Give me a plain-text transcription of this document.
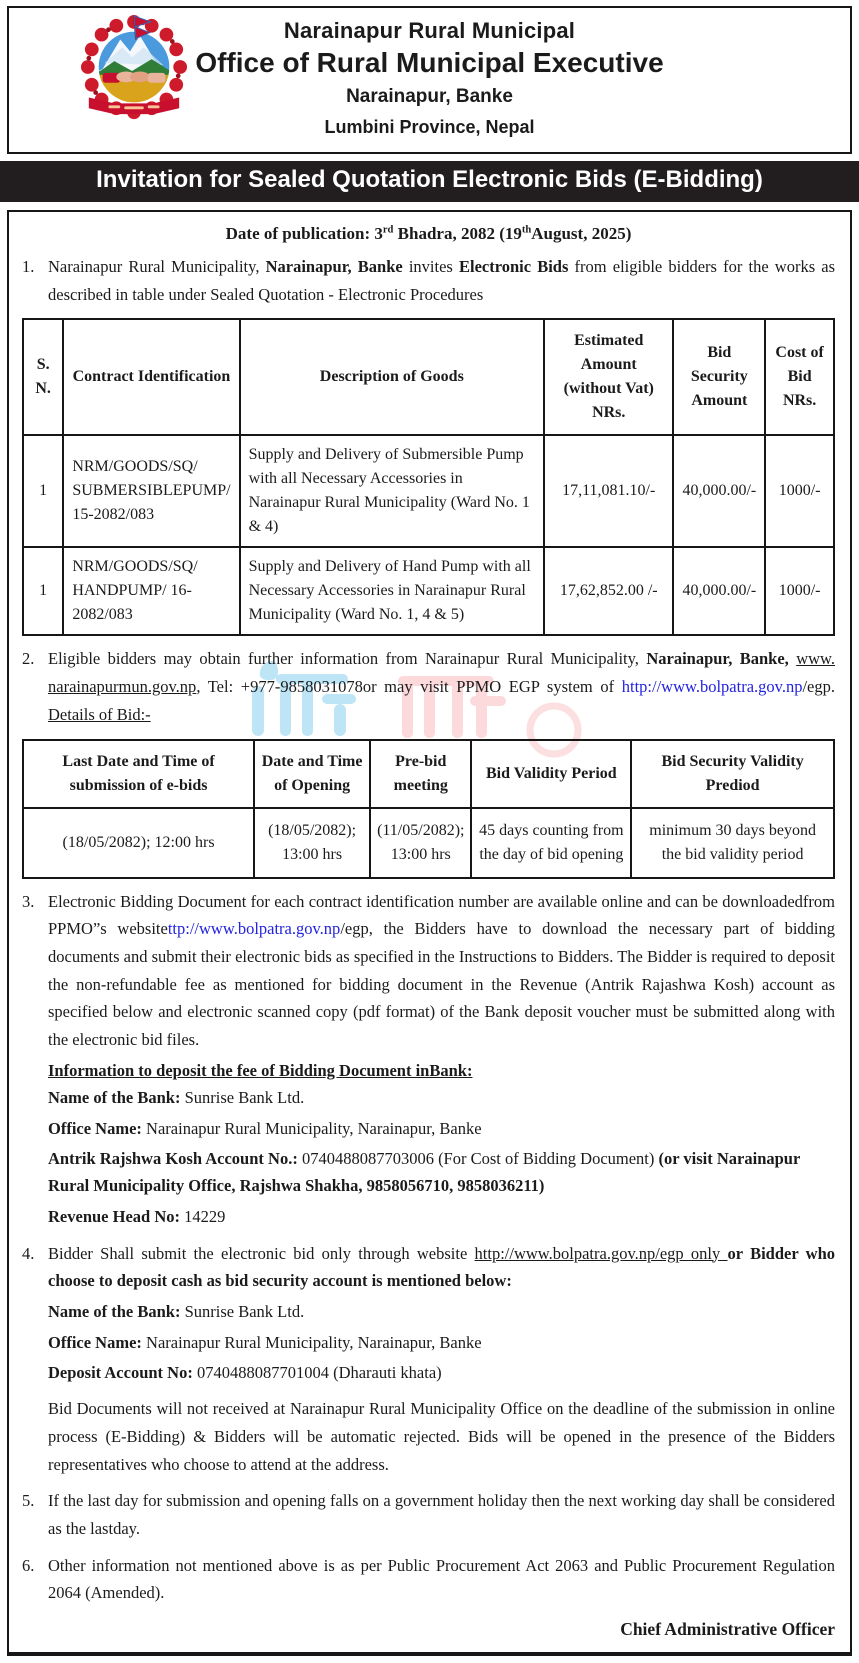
Narainapur Rural Municipal
Office of Rural Municipal Executive
Narainapur, Banke
Lumbini Province, Nepal
Invitation for Sealed Quotation Electronic Bids (E-Bidding)
Date of publication: 3rd Bhadra, 2082 (19thAugust, 2025)
1. Narainapur Rural Municipality, Narainapur, Banke invites Electronic Bids from eligible bidders for the works as described in table under Sealed Quotation - Electronic Procedures
S. N.	Contract Identification	Description of Goods	Estimated Amount (without Vat) NRs.	Bid Security Amount	Cost of Bid NRs.
1	NRM/GOODS/SQ/ SUBMERSIBLEPUMP/ 15-2082/083	Supply and Delivery of Submersible Pump with all Necessary Accessories in Narainapur Rural Municipality (Ward No. 1 & 4)	17,11,081.10/-	40,000.00/-	1000/-
1	NRM/GOODS/SQ/ HANDPUMP/ 16-2082/083	Supply and Delivery of Hand Pump with all Necessary Accessories in Narainapur Rural Municipality (Ward No. 1, 4 & 5)	17,62,852.00 /-	40,000.00/-	1000/-
2. Eligible bidders may obtain further information from Narainapur Rural Municipality, Narainapur, Banke, www. narainapurmun.gov.np, Tel: +977-9858031078or may visit PPMO EGP system of http://www.bolpatra.gov.np/egp. Details of Bid:-
Last Date and Time of submission of e-bids	Date and Time of Opening	Pre-bid meeting	Bid Validity Period	Bid Security Validity Prediod
(18/05/2082); 12:00 hrs	(18/05/2082); 13:00 hrs	(11/05/2082); 13:00 hrs	45 days counting from the day of bid opening	minimum 30 days beyond the bid validity period
3. Electronic Bidding Document for each contract identification number are available online and can be downloadedfrom PPMO”s websitettp://www.bolpatra.gov.np/egp, the Bidders have to download the necessary part of bidding documents and submit their electronic bids as specified in the Instructions to Bidders. The Bidder is required to deposit the non-refundable fee as mentioned for bidding document in the Revenue (Antrik Rajashwa Kosh) account as specified below and electronic scanned copy (pdf format) of the Bank deposit voucher must be submitted along with the electronic bid files.
Information to deposit the fee of Bidding Document inBank:
Name of the Bank: Sunrise Bank Ltd.
Office Name: Narainapur Rural Municipality, Narainapur, Banke
Antrik Rajshwa Kosh Account No.: 0740488087703006 (For Cost of Bidding Document) (or visit Narainapur Rural Municipality Office, Rajshwa Shakha, 9858056710, 9858036211)
Revenue Head No: 14229
4. Bidder Shall submit the electronic bid only through website http://www.bolpatra.gov.np/egp only or Bidder who choose to deposit cash as bid security account is mentioned below:
Name of the Bank: Sunrise Bank Ltd.
Office Name: Narainapur Rural Municipality, Narainapur, Banke
Deposit Account No: 0740488087701004 (Dharauti khata)
Bid Documents will not received at Narainapur Rural Municipality Office on the deadline of the submission in online process (E-Bidding) & Bidders will be automatic rejected. Bids will be opened in the presence of the Bidders representatives who choose to attend at the address.
5. If the last day for submission and opening falls on a government holiday then the next working day shall be considered as the lastday.
6. Other information not mentioned above is as per Public Procurement Act 2063 and Public Procurement Regulation 2064 (Amended).
Chief Administrative Officer
